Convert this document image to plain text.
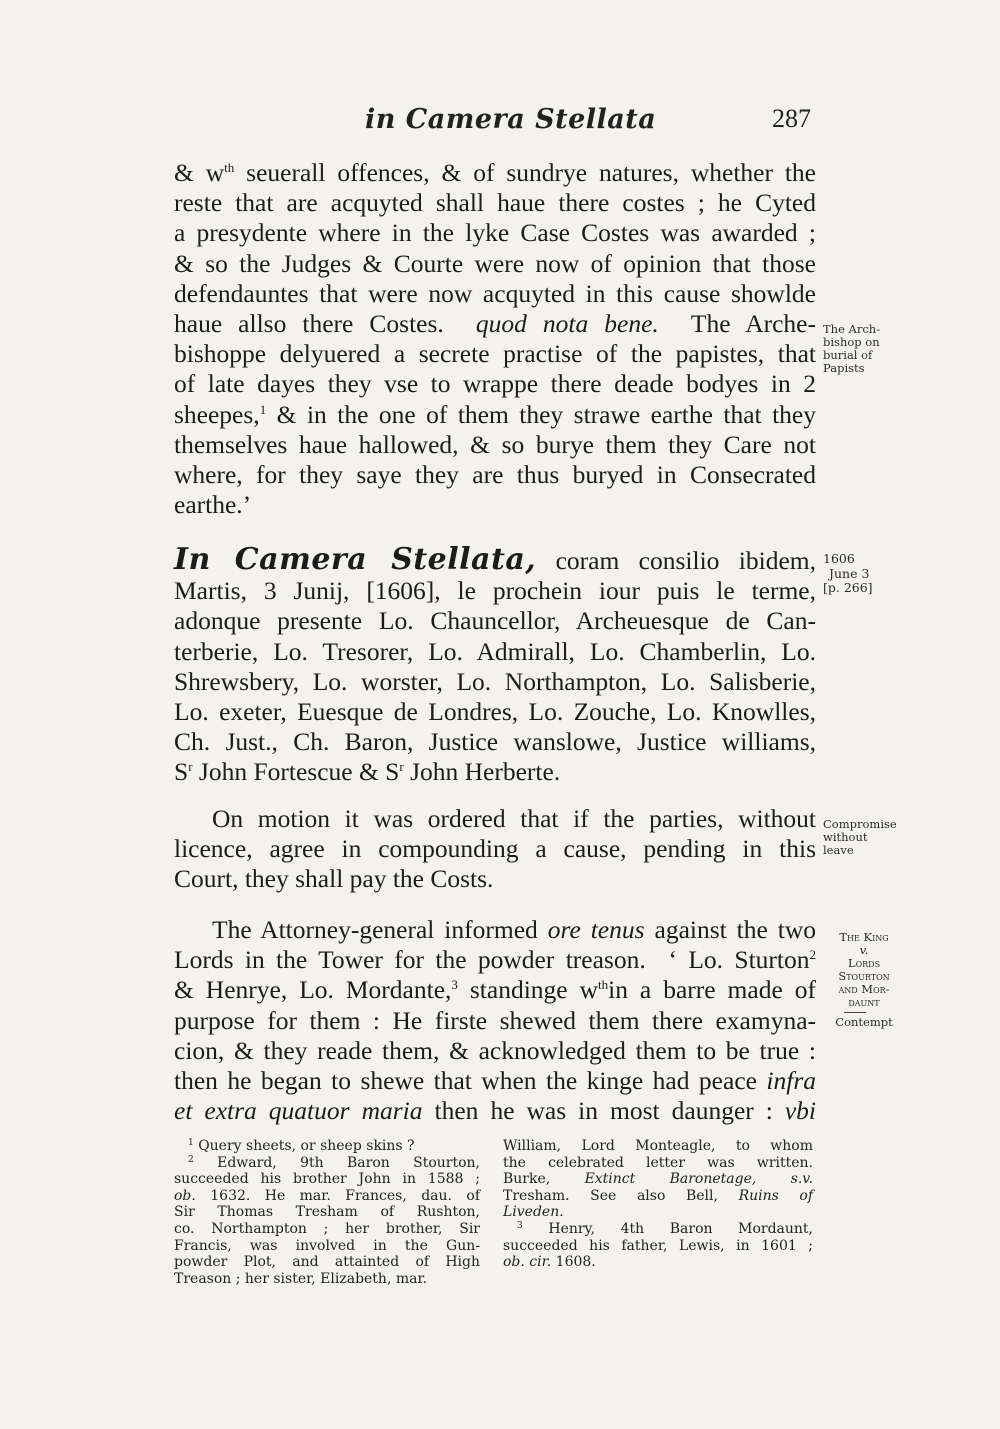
in Camera Stellata	287
& $w^{th}$ seuerall offences, & of sundrye natures, whether the
reste that are acquyted shall haue there costes ; he Cyted
a presydente where in the lyke Case Costes was awarded ;
& so the Judges & Courte were now of opinion that those
defendauntes that were now acquyted in this cause showlde
haue allso there Costes. quod nota bene. The Arche-
bishoppe delyuered a secrete practise of the papistes, that
of late dayes they vse to wrappe there deade bodyes in 2
sheepes,$^1$ & in the one of them they strawe earthe that they
themselves haue hallowed, & so burye them they Care not
where, for they saye they are thus buryed in Consecrated
earthe.’
In Camera Stellata, coram consilio ibidem,
Martis, 3 Junij, [1606], le prochein iour puis le terme,
adonque presente Lo. Chauncellor, Archeuesque de Can-
terberie, Lo. Tresorer, Lo. Admirall, Lo. Chamberlin, Lo.
Shrewsbery, Lo. worster, Lo. Northampton, Lo. Salisberie,
Lo. exeter, Euesque de Londres, Lo. Zouche, Lo. Knowlles,
Ch. Just., Ch. Baron, Justice wanslowe, Justice williams,
$S^r$ John Fortescue & $S^r$ John Herberte.
On motion it was ordered that if the parties, without
licence, agree in compounding a cause, pending in this
Court, they shall pay the Costs.
The Attorney-general informed ore tenus against the two
Lords in the Tower for the powder treason. ‘ Lo. Sturton$^2$
& Henrye, Lo. Mordante,$^3$ standinge $w^{th}in$ a barre made of
purpose for them : He firste shewed them there examyna-
cion, & they reade them, & acknowledged them to be true :
then he began to shewe that when the kinge had peace infra
et extra quatuor maria then he was in most daunger : vbi
The Arch-
bishop on
burial of
Papists
1606
June 3
[p. 266]
Compromise
without
leave
The King
v.
Lords
Stourton
and Mor-
daunt
Contempt
$^1$ Query sheets, or sheep skins ?
$^2$ Edward, 9th Baron Stourton,
succeeded his brother John in 1588 ;
ob. 1632. He mar. Frances, dau. of
Sir Thomas Tresham of Rushton,
co. Northampton ; her brother, Sir
Francis, was involved in the Gun-
powder Plot, and attainted of High
Treason ; her sister, Elizabeth, mar.
William, Lord Monteagle, to whom
the celebrated letter was written.
Burke, Extinct Baronetage, s.v.
Tresham. See also Bell, Ruins of
Liveden.
$^3$ Henry, 4th Baron Mordaunt,
succeeded his father, Lewis, in 1601 ;
ob. cir. 1608.
